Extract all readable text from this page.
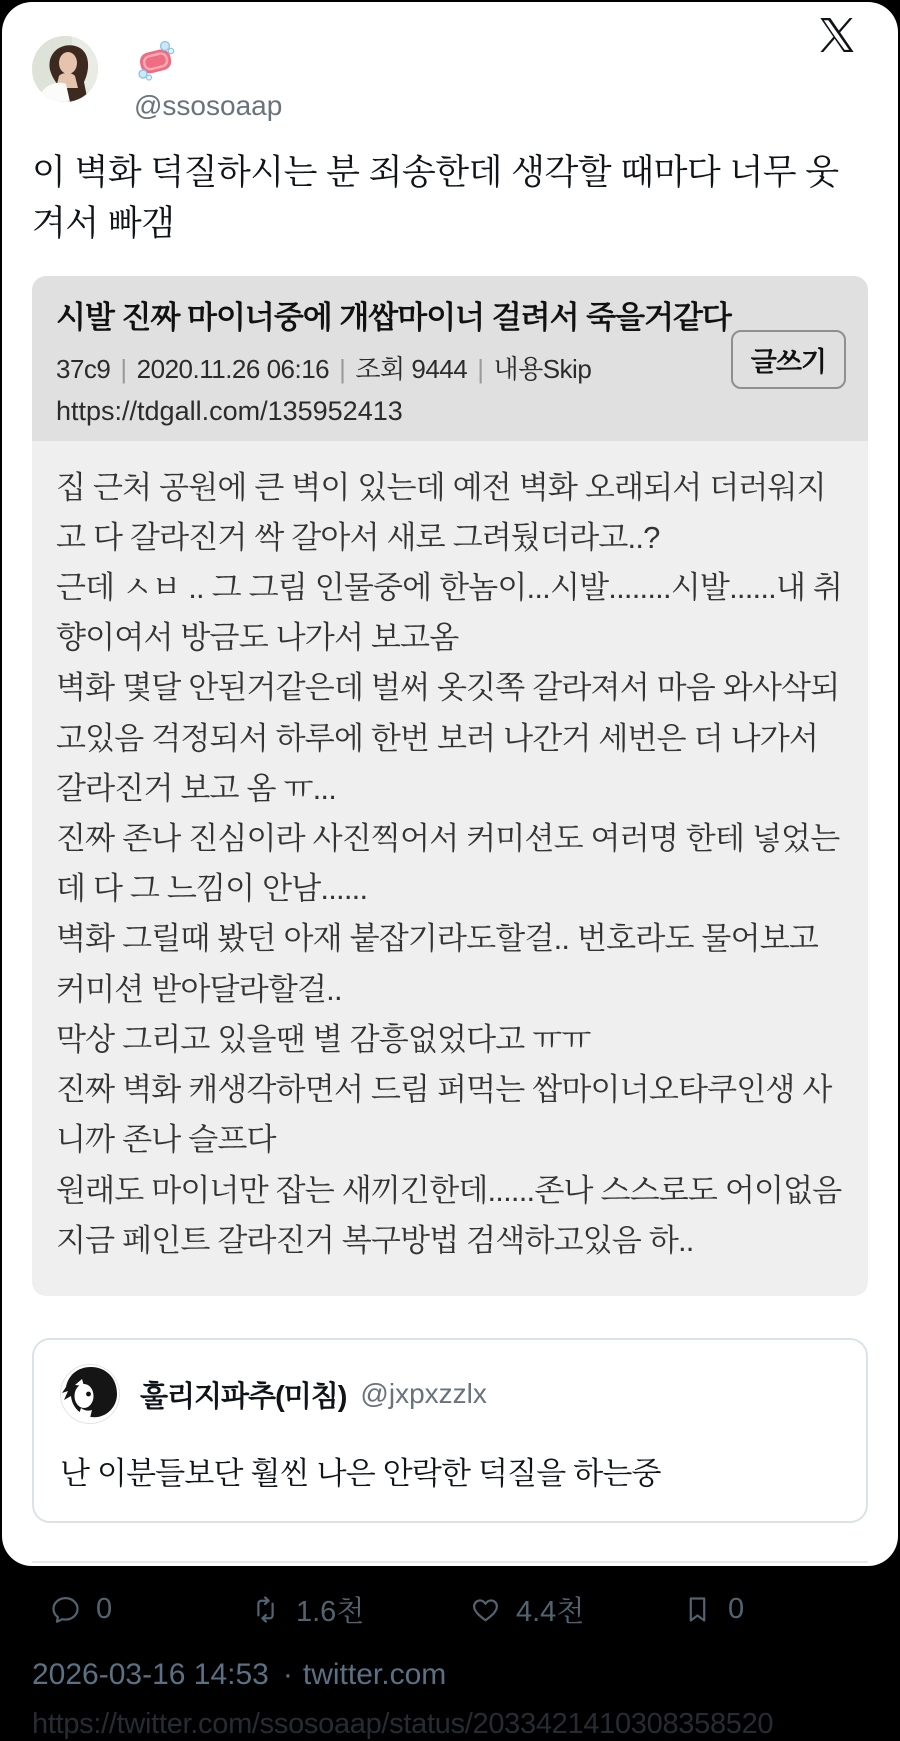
@ssosoaap
이 벽화 덕질하시는 분 죄송한데 생각할 때마다 너무 웃겨서 빠갬
시발 진짜 마이너중에 개쌉마이너 걸려서 죽을거같다
37c9 | 2020.11.26 06:16 | 조회 9444 | 내용Skip
https://tdgall.com/135952413
글쓰기
집 근처 공원에 큰 벽이 있는데 예전 벽화 오래되서 더러워지고 다 갈라진거 싹 갈아서 새로 그려뒀더라고..?
근데 ㅅㅂ .. 그 그림 인물중에 한놈이...시발........시발......내 취향이여서 방금도 나가서 보고옴
벽화 몇달 안된거같은데 벌써 옷깃쪽 갈라져서 마음 와사삭되고있음 걱정되서 하루에 한번 보러 나간거 세번은 더 나가서 갈라진거 보고 옴 ㅠ...
진짜 존나 진심이라 사진찍어서 커미션도 여러명 한테 넣었는데 다 그 느낌이 안남......
벽화 그릴때 봤던 아재 붙잡기라도할걸.. 번호라도 물어보고 커미션 받아달라할걸..
막상 그리고 있을땐 별 감흥없었다고 ㅠㅠ
진짜 벽화 캐생각하면서 드림 퍼먹는 쌉마이너오타쿠인생 사니까 존나 슬프다
원래도 마이너만 잡는 새끼긴한데......존나 스스로도 어이없음
지금 페인트 갈라진거 복구방법 검색하고있음 하..
훌리지파추(미침) @jxpxzzlx
난 이분들보단 훨씬 나은 안락한 덕질을 하는중
0	1.6천	4.4천	0
2026-03-16 14:53 · twitter.com
https://twitter.com/ssosoaap/status/2033421410308358520
